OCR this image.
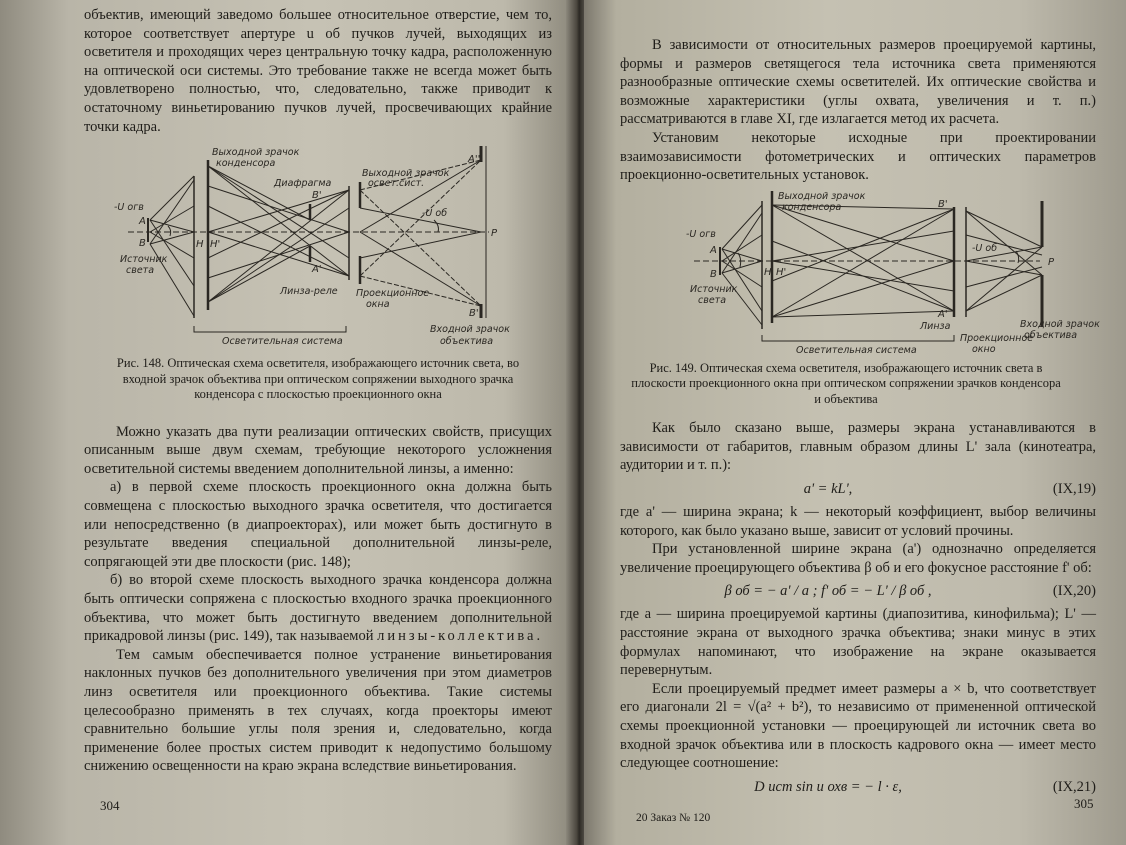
объектив, имеющий заведомо большее относительное отверстие, чем то, которое соответствует апертуре u об пучков лучей, выходящих из осветителя и проходящих через центральную точку кадра, расположенную на оптической оси системы. Это требование также не всегда может быть удовлетворено полностью, что, следовательно, также приводит к остаточному виньетированию пучков лучей, просвечивающих крайние точки кадра.

Выходной зрачок
конденсора
Диафрагма
Выходной зрачок
освет.сист.
-U об
-U огв
А
В
Источник
света
Н Н'
В'
А'
А''
В''
Р
Линза-реле Проекционное
окна
Осветительная система
Входной зрачок
объектива

Рис. 148. Оптическая схема осветителя, изображающего источник света, во входной зрачок объектива при оптическом сопряжении выходного зрачка конденсора с плоскостью проекционного окна

Можно указать два пути реализации оптических свойств, присущих описанным выше двум схемам, требующие некоторого усложнения осветительной системы введением дополнительной линзы, а именно:

а) в первой схеме плоскость проекционного окна должна быть совмещена с плоскостью выходного зрачка осветителя, что достигается или непосредственно (в диапроекторах), или может быть достигнуто в результате введения специальной дополнительной линзы-реле, сопрягающей эти две плоскости (рис. 148);

б) во второй схеме плоскость выходного зрачка конденсора должна быть оптически сопряжена с плоскостью входного зрачка проекционного объектива, что может быть достигнуто введением дополнительной прикадровой линзы (рис. 149), так называемой линзы-коллектива.

Тем самым обеспечивается полное устранение виньетирования наклонных пучков без дополнительного увеличения при этом диаметров линз осветителя или проекционного объектива. Такие системы целесообразно применять в тех случаях, когда проекторы имеют сравнительно большие углы поля зрения и, следовательно, когда применение более простых систем приводит к недопустимо большому снижению освещенности на краю экрана вследствие виньетирования.

304

В зависимости от относительных размеров проецируемой картины, формы и размеров светящегося тела источника света применяются разнообразные оптические схемы осветителей. Их оптические свойства и возможные характеристики (углы охвата, увеличения и т. п.) рассматриваются в главе XI, где излагается метод их расчета.

Установим некоторые исходные при проектировании взаимозависимости фотометрических и оптических параметров проекционно-осветительных установок.

Выходной зрачок
конденсора
-U огв
-U об
А
В
Источник
света
Н Н'
В'
А'
Р
Линза
Проекционное
окно
Входной зрачок
объектива
Осветительная система

Рис. 149. Оптическая схема осветителя, изображающего источник света в плоскости проекционного окна при оптическом сопряжении зрачков конденсора и объектива

Как было сказано выше, размеры экрана устанавливаются в зависимости от габаритов, главным образом длины L' зала (кинотеатра, аудитории и т. п.):

a' = kL',	(IX,19)

где a' — ширина экрана; k — некоторый коэффициент, выбор величины которого, как было указано выше, зависит от условий прочины.

При установленной ширине экрана (a') однозначно определяется увеличение проецирующего объектива β об и его фокусное расстояние f' об:

β об = − a' / a ; f' об = − L' / β об ,	(IX,20)

где a — ширина проецируемой картины (диапозитива, кинофильма); L' — расстояние экрана от выходного зрачка объектива; знаки минус в этих формулах напоминают, что изображение на экране оказывается перевернутым.

Если проецируемый предмет имеет размеры a × b, что соответствует его диагонали 2l = √(a² + b²), то независимо от примененной оптической схемы проекционной установки — проецирующей ли источник света во входной зрачок объектива или в плоскость кадрового окна — имеет место следующее соотношение:

D ист sin u охв = − l · ε,	(IX,21)
20 Заказ № 120
305
